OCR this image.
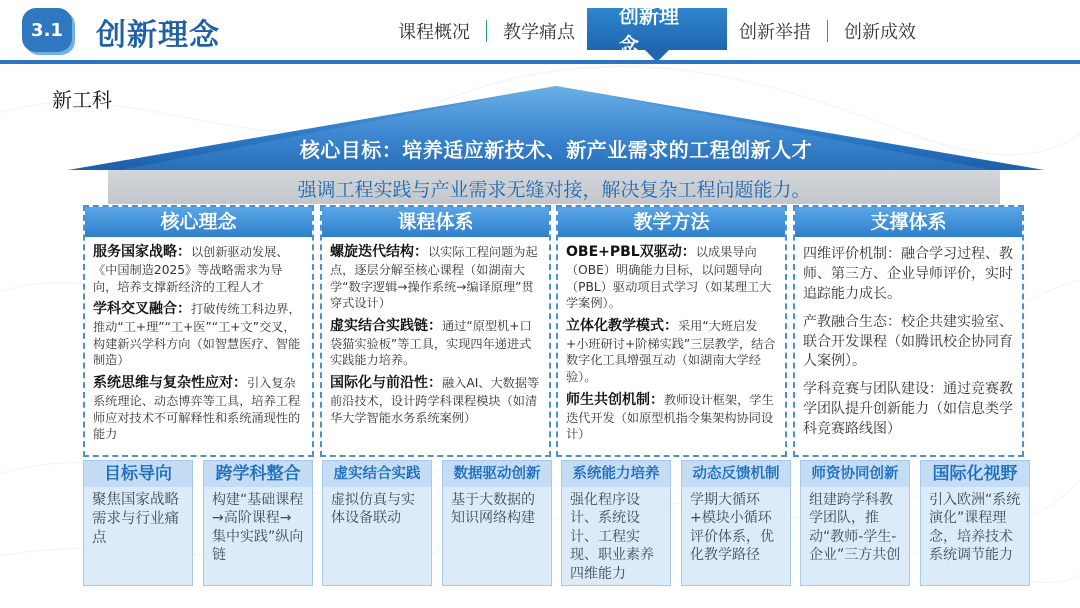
3.1	创新理念	课程概况	教学痛点
创新理念
创新举措	创新成效
新工科
核心目标：培养适应新技术、新产业需求的工程创新人才
强调工程实践与产业需求无缝对接，解决复杂工程问题能力。
核心理念

服务国家战略：以创新驱动发展、《中国制造2025》等战略需求为导向，培养支撑新经济的工程人才

学科交叉融合：打破传统工科边界，推动“工+理”“工+医”“工+文”交叉，构建新兴学科方向（如智慧医疗、智能制造）

系统思维与复杂性应对：引入复杂系统理论、动态博弈等工具，培养工程师应对技术不可解释性和系统涌现性的能力

课程体系

螺旋迭代结构：以实际工程问题为起点，逐层分解至核心课程（如湖南大学“数字逻辑→操作系统→编译原理”贯穿式设计）

虚实结合实践链：通过“原型机+口袋猫实验板”等工具，实现四年递进式实践能力培养。

国际化与前沿性：融入AI、大数据等前沿技术，设计跨学科课程模块（如清华大学智能水务系统案例）

教学方法

OBE+PBL双驱动：以成果导向（OBE）明确能力目标，以问题导向（PBL）驱动项目式学习（如某理工大学案例）。

立体化教学模式：采用“大班启发+小班研讨+阶梯实践”三层教学，结合数字化工具增强互动（如湖南大学经验）。

师生共创机制：教师设计框架，学生迭代开发（如原型机指令集架构协同设计）

支撑体系

四维评价机制：融合学习过程、教师、第三方、企业导师评价，实时追踪能力成长。

产教融合生态：校企共建实验室、联合开发课程（如腾讯校企协同育人案例）。

学科竞赛与团队建设：通过竞赛教学团队提升创新能力（如信息类学科竞赛路线图）

目标导向
聚焦国家战略需求与行业痛点
跨学科整合
构建“基础课程→高阶课程→集中实践”纵向链
虚实结合实践
虚拟仿真与实体设备联动
数据驱动创新
基于大数据的知识网络构建
系统能力培养
强化程序设计、系统设计、工程实现、职业素养四维能力
动态反馈机制
学期大循环+模块小循环评价体系，优化教学路径
师资协同创新
组建跨学科教学团队，推动“教师-学生-企业”三方共创
国际化视野
引入欧洲“系统演化”课程理念，培养技术系统调节能力
